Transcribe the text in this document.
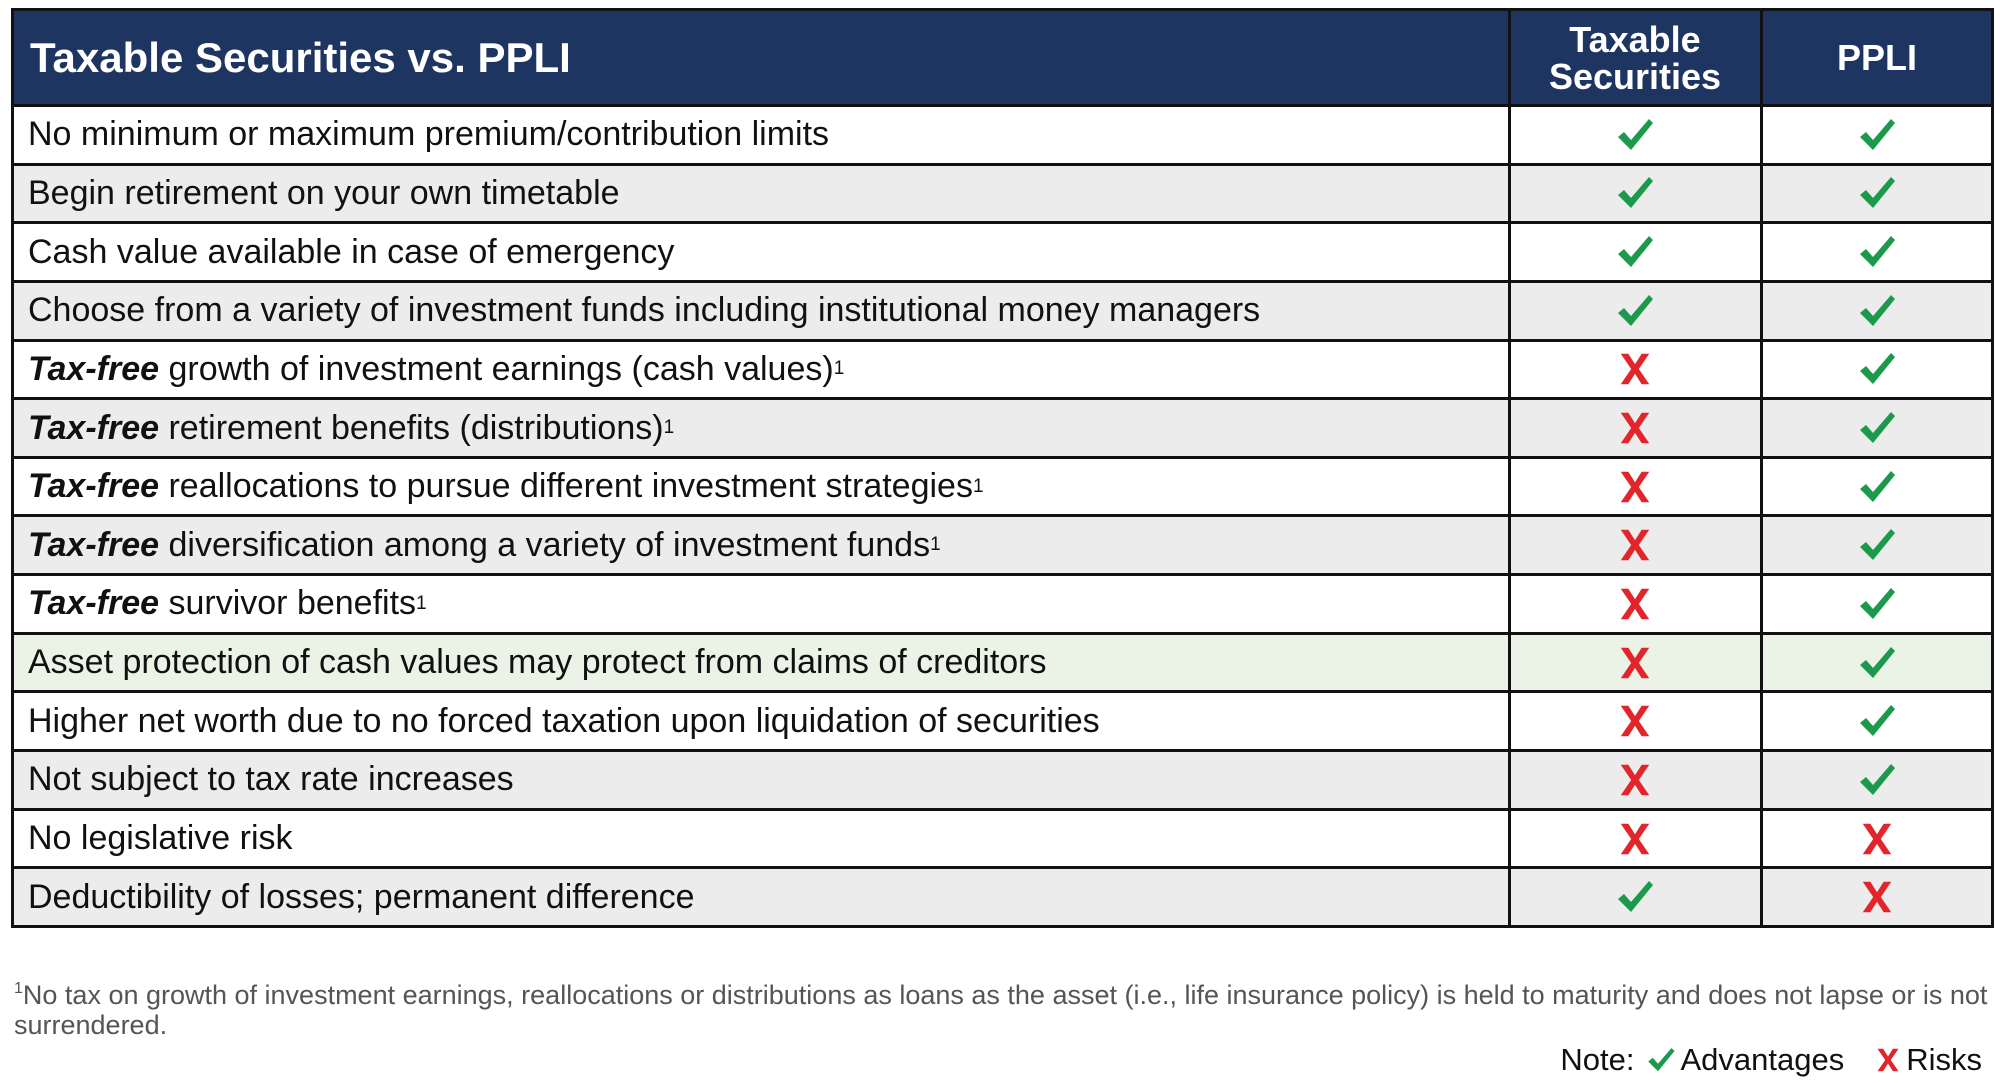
Taxable Securities vs. PPLI	Taxable
Securities	PPLI
No minimum or maximum premium/contribution limits
Begin retirement on your own timetable
Cash value available in case of emergency
Choose from a variety of investment funds including institutional money managers
Tax-free growth of investment earnings (cash values) 1
Tax-free retirement benefits (distributions) 1
Tax-free reallocations to pursue different investment strategies 1
Tax-free diversification among a variety of investment funds 1
Tax-free survivor benefits 1
Asset protection of cash values may protect from claims of creditors
Higher net worth due to no forced taxation upon liquidation of securities
Not subject to tax rate increases
No legislative risk
Deductibility of losses; permanent difference
$^1$No tax on growth of investment earnings, reallocations or distributions as loans as the asset (i.e., life insurance policy) is held to maturity and does not lapse or is not surrendered.
Note: Advantages Risks
